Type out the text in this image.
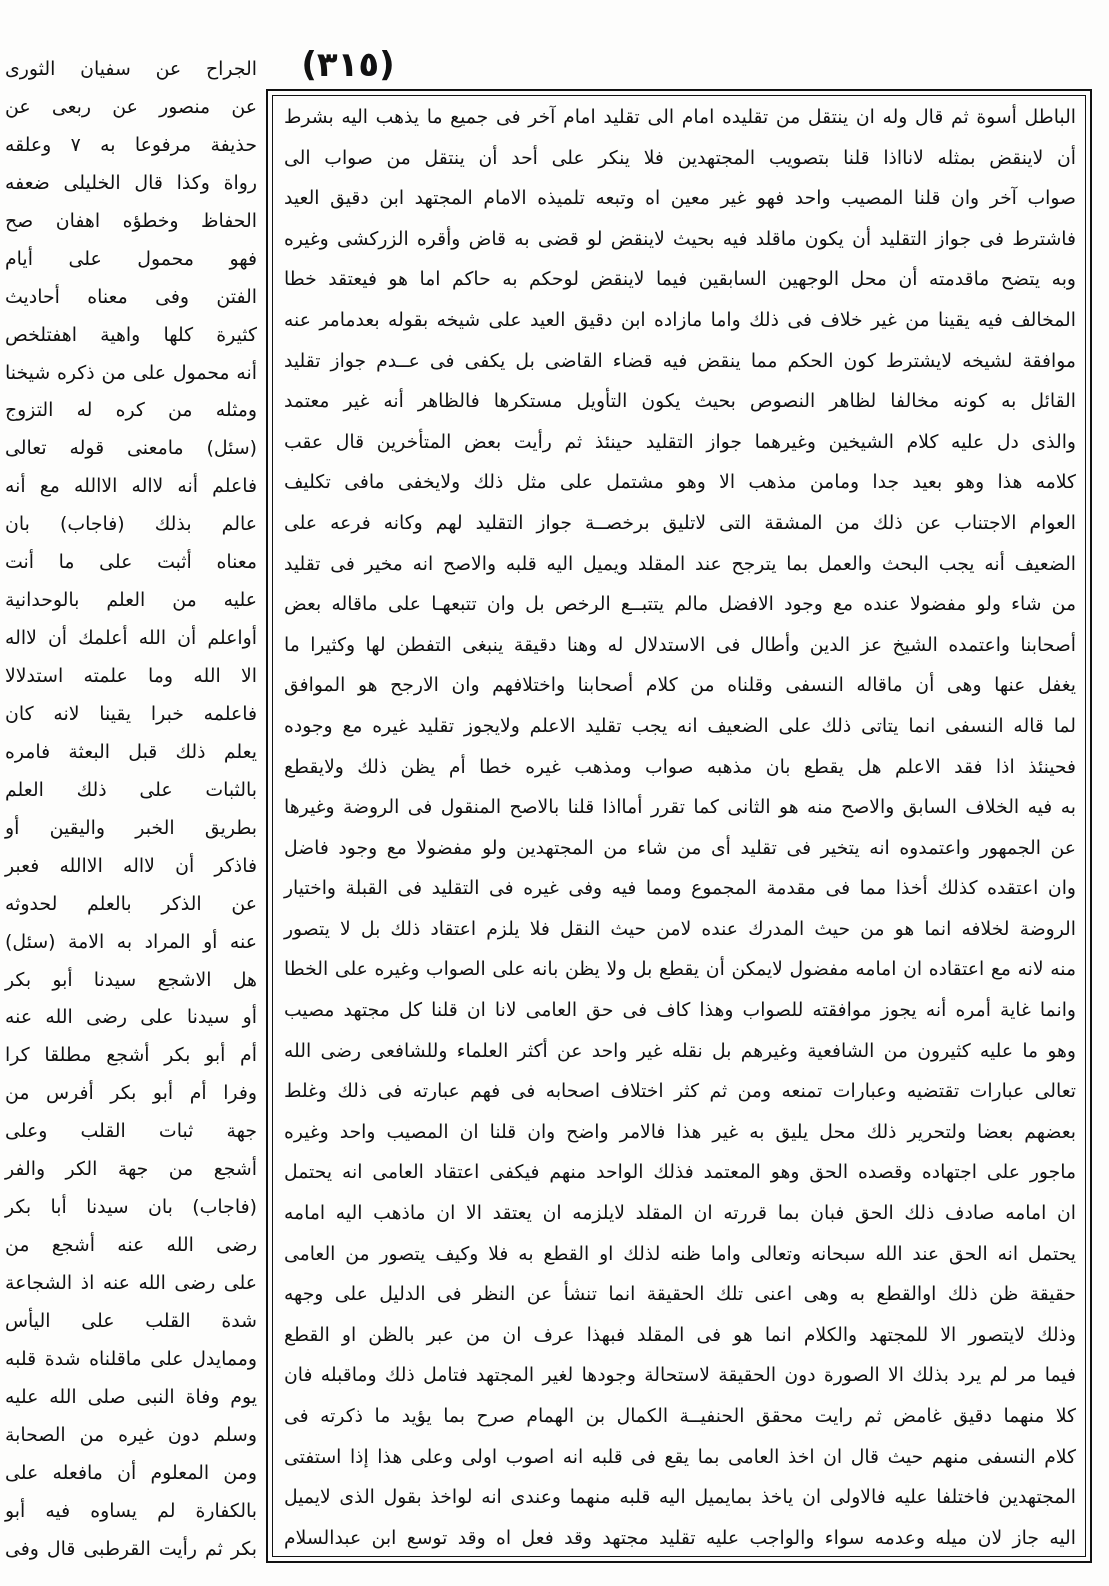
(٣١٥)
الباطل أسوة ثم قال وله ان ينتقل من تقليده امام الى تقليد امام آخر فى جميع ما يذهب اليه بشرط
أن لاينقض بمثله لانااذا قلنا بتصويب المجتهدين فلا ينكر على أحد أن ينتقل من صواب الى
صواب آخر وان قلنا المصيب واحد فهو غير معين اه وتبعه تلميذه الامام المجتهد ابن دقيق العيد
فاشترط فى جواز التقليد أن يكون ماقلد فيه بحيث لاينقض لو قضى به قاض وأقره الزركشى وغيره
وبه يتضح ماقدمته أن محل الوجهين السابقين فيما لاينقض لوحكم به حاكم اما هو فيعتقد خطا
المخالف فيه يقينا من غير خلاف فى ذلك واما مازاده ابن دقيق العيد على شيخه بقوله بعدمامر عنه
موافقة لشيخه لايشترط كون الحكم مما ينقض فيه قضاء القاضى بل يكفى فى عــدم جواز تقليد
القائل به كونه مخالفا لظاهر النصوص بحيث يكون التأويل مستكرها فالظاهر أنه غير معتمد
والذى دل عليه كلام الشيخين وغيرهما جواز التقليد حينئذ ثم رأيت بعض المتأخرين قال عقب
كلامه هذا وهو بعيد جدا ومامن مذهب الا وهو مشتمل على مثل ذلك ولايخفى مافى تكليف
العوام الاجتناب عن ذلك من المشقة التى لاتليق برخصــة جواز التقليد لهم وكانه فرعه على
الضعيف أنه يجب البحث والعمل بما يترجح عند المقلد ويميل اليه قلبه والاصح انه مخير فى تقليد
من شاء ولو مفضولا عنده مع وجود الافضل مالم يتتبــع الرخص بل وان تتبعهـا على ماقاله بعض
أصحابنا واعتمده الشيخ عز الدين وأطال فى الاستدلال له وهنا دقيقة ينبغى التفطن لها وكثيرا ما
يغفل عنها وهى أن ماقاله النسفى وقلناه من كلام أصحابنا واختلافهم وان الارجح هو الموافق
لما قاله النسفى انما يتاتى ذلك على الضعيف انه يجب تقليد الاعلم ولايجوز تقليد غيره مع وجوده
فحينئذ اذا فقد الاعلم هل يقطع بان مذهبه صواب ومذهب غيره خطا أم يظن ذلك ولايقطع
به فيه الخلاف السابق والاصح منه هو الثانى كما تقرر أمااذا قلنا بالاصح المنقول فى الروضة وغيرها
عن الجمهور واعتمدوه انه يتخير فى تقليد أى من شاء من المجتهدين ولو مفضولا مع وجود فاضل
وان اعتقده كذلك أخذا مما فى مقدمة المجموع ومما فيه وفى غيره فى التقليد فى القبلة واختيار
الروضة لخلافه انما هو من حيث المدرك عنده لامن حيث النقل فلا يلزم اعتقاد ذلك بل لا يتصور
منه لانه مع اعتقاده ان امامه مفضول لايمكن أن يقطع بل ولا يظن بانه على الصواب وغيره على الخطا
وانما غاية أمره أنه يجوز موافقته للصواب وهذا كاف فى حق العامى لانا ان قلنا كل مجتهد مصيب
وهو ما عليه كثيرون من الشافعية وغيرهم بل نقله غير واحد عن أكثر العلماء وللشافعى رضى الله
تعالى عبارات تقتضيه وعبارات تمنعه ومن ثم كثر اختلاف اصحابه فى فهم عبارته فى ذلك وغلط
بعضهم بعضا ولتحرير ذلك محل يليق به غير هذا فالامر واضح وان قلنا ان المصيب واحد وغيره
ماجور على اجتهاده وقصده الحق وهو المعتمد فذلك الواحد منهم فيكفى اعتقاد العامى انه يحتمل
ان امامه صادف ذلك الحق فبان بما قررته ان المقلد لايلزمه ان يعتقد الا ان ماذهب اليه امامه
يحتمل انه الحق عند الله سبحانه وتعالى واما ظنه لذلك او القطع به فلا وكيف يتصور من العامى
حقيقة ظن ذلك اوالقطع به وهى اعنى تلك الحقيقة انما تنشأ عن النظر فى الدليل على وجهه
وذلك لايتصور الا للمجتهد والكلام انما هو فى المقلد فبهذا عرف ان من عبر بالظن او القطع
فيما مر لم يرد بذلك الا الصورة دون الحقيقة لاستحالة وجودها لغير المجتهد فتامل ذلك وماقبله فان
كلا منهما دقيق غامض ثم رايت محقق الحنفيــة الكمال بن الهمام صرح بما يؤيد ما ذكرته فى
كلام النسفى منهم حيث قال ان اخذ العامى بما يقع فى قلبه انه اصوب اولى وعلى هذا إذا استفتى
المجتهدين فاختلفا عليه فالاولى ان ياخذ بمايميل اليه قلبه منهما وعندى انه لواخذ بقول الذى لايميل
اليه جاز لان ميله وعدمه سواء والواجب عليه تقليد مجتهد وقد فعل اه وقد توسع ابن عبدالسلام
الجراح عن سفيان الثورى
عن منصور عن ربعى عن
حذيفة مرفوعا به ٧ وعلقه
رواة وكذا قال الخليلى ضعفه
الحفاظ وخطؤه اهفان صح
فهو محمول على أيام
الفتن وفى معناه أحاديث
كثيرة كلها واهية اهفتلخص
أنه محمول على من ذكره شيخنا
ومثله من كره له التزوج
(سئل) مامعنى قوله تعالى
فاعلم أنه لااله الاالله مع أنه
عالم بذلك (فاجاب) بان
معناه أثبت على ما أنت
عليه من العلم بالوحدانية
أواعلم أن الله أعلمك أن لااله
الا الله وما علمته استدلالا
فاعلمه خبرا يقينا لانه كان
يعلم ذلك قبل البعثة فامره
بالثبات على ذلك العلم
بطريق الخبر واليقين أو
فاذكر أن لااله الاالله فعبر
عن الذكر بالعلم لحدوثه
عنه أو المراد به الامة (سئل)
هل الاشجع سيدنا أبو بكر
أو سيدنا على رضى الله عنه
أم أبو بكر أشجع مطلقا كرا
وفرا أم أبو بكر أفرس من
جهة ثبات القلب وعلى
أشجع من جهة الكر والفر
(فاجاب) بان سيدنا أبا بكر
رضى الله عنه أشجع من
على رضى الله عنه اذ الشجاعة
شدة القلب على اليأس
وممايدل على ماقلناه شدة قلبه
يوم وفاة النبى صلى الله عليه
وسلم دون غيره من الصحابة
ومن المعلوم أن مافعله على
بالكفارة لم يساوه فيه أبو
بكر ثم رأيت القرطبى قال وفى
